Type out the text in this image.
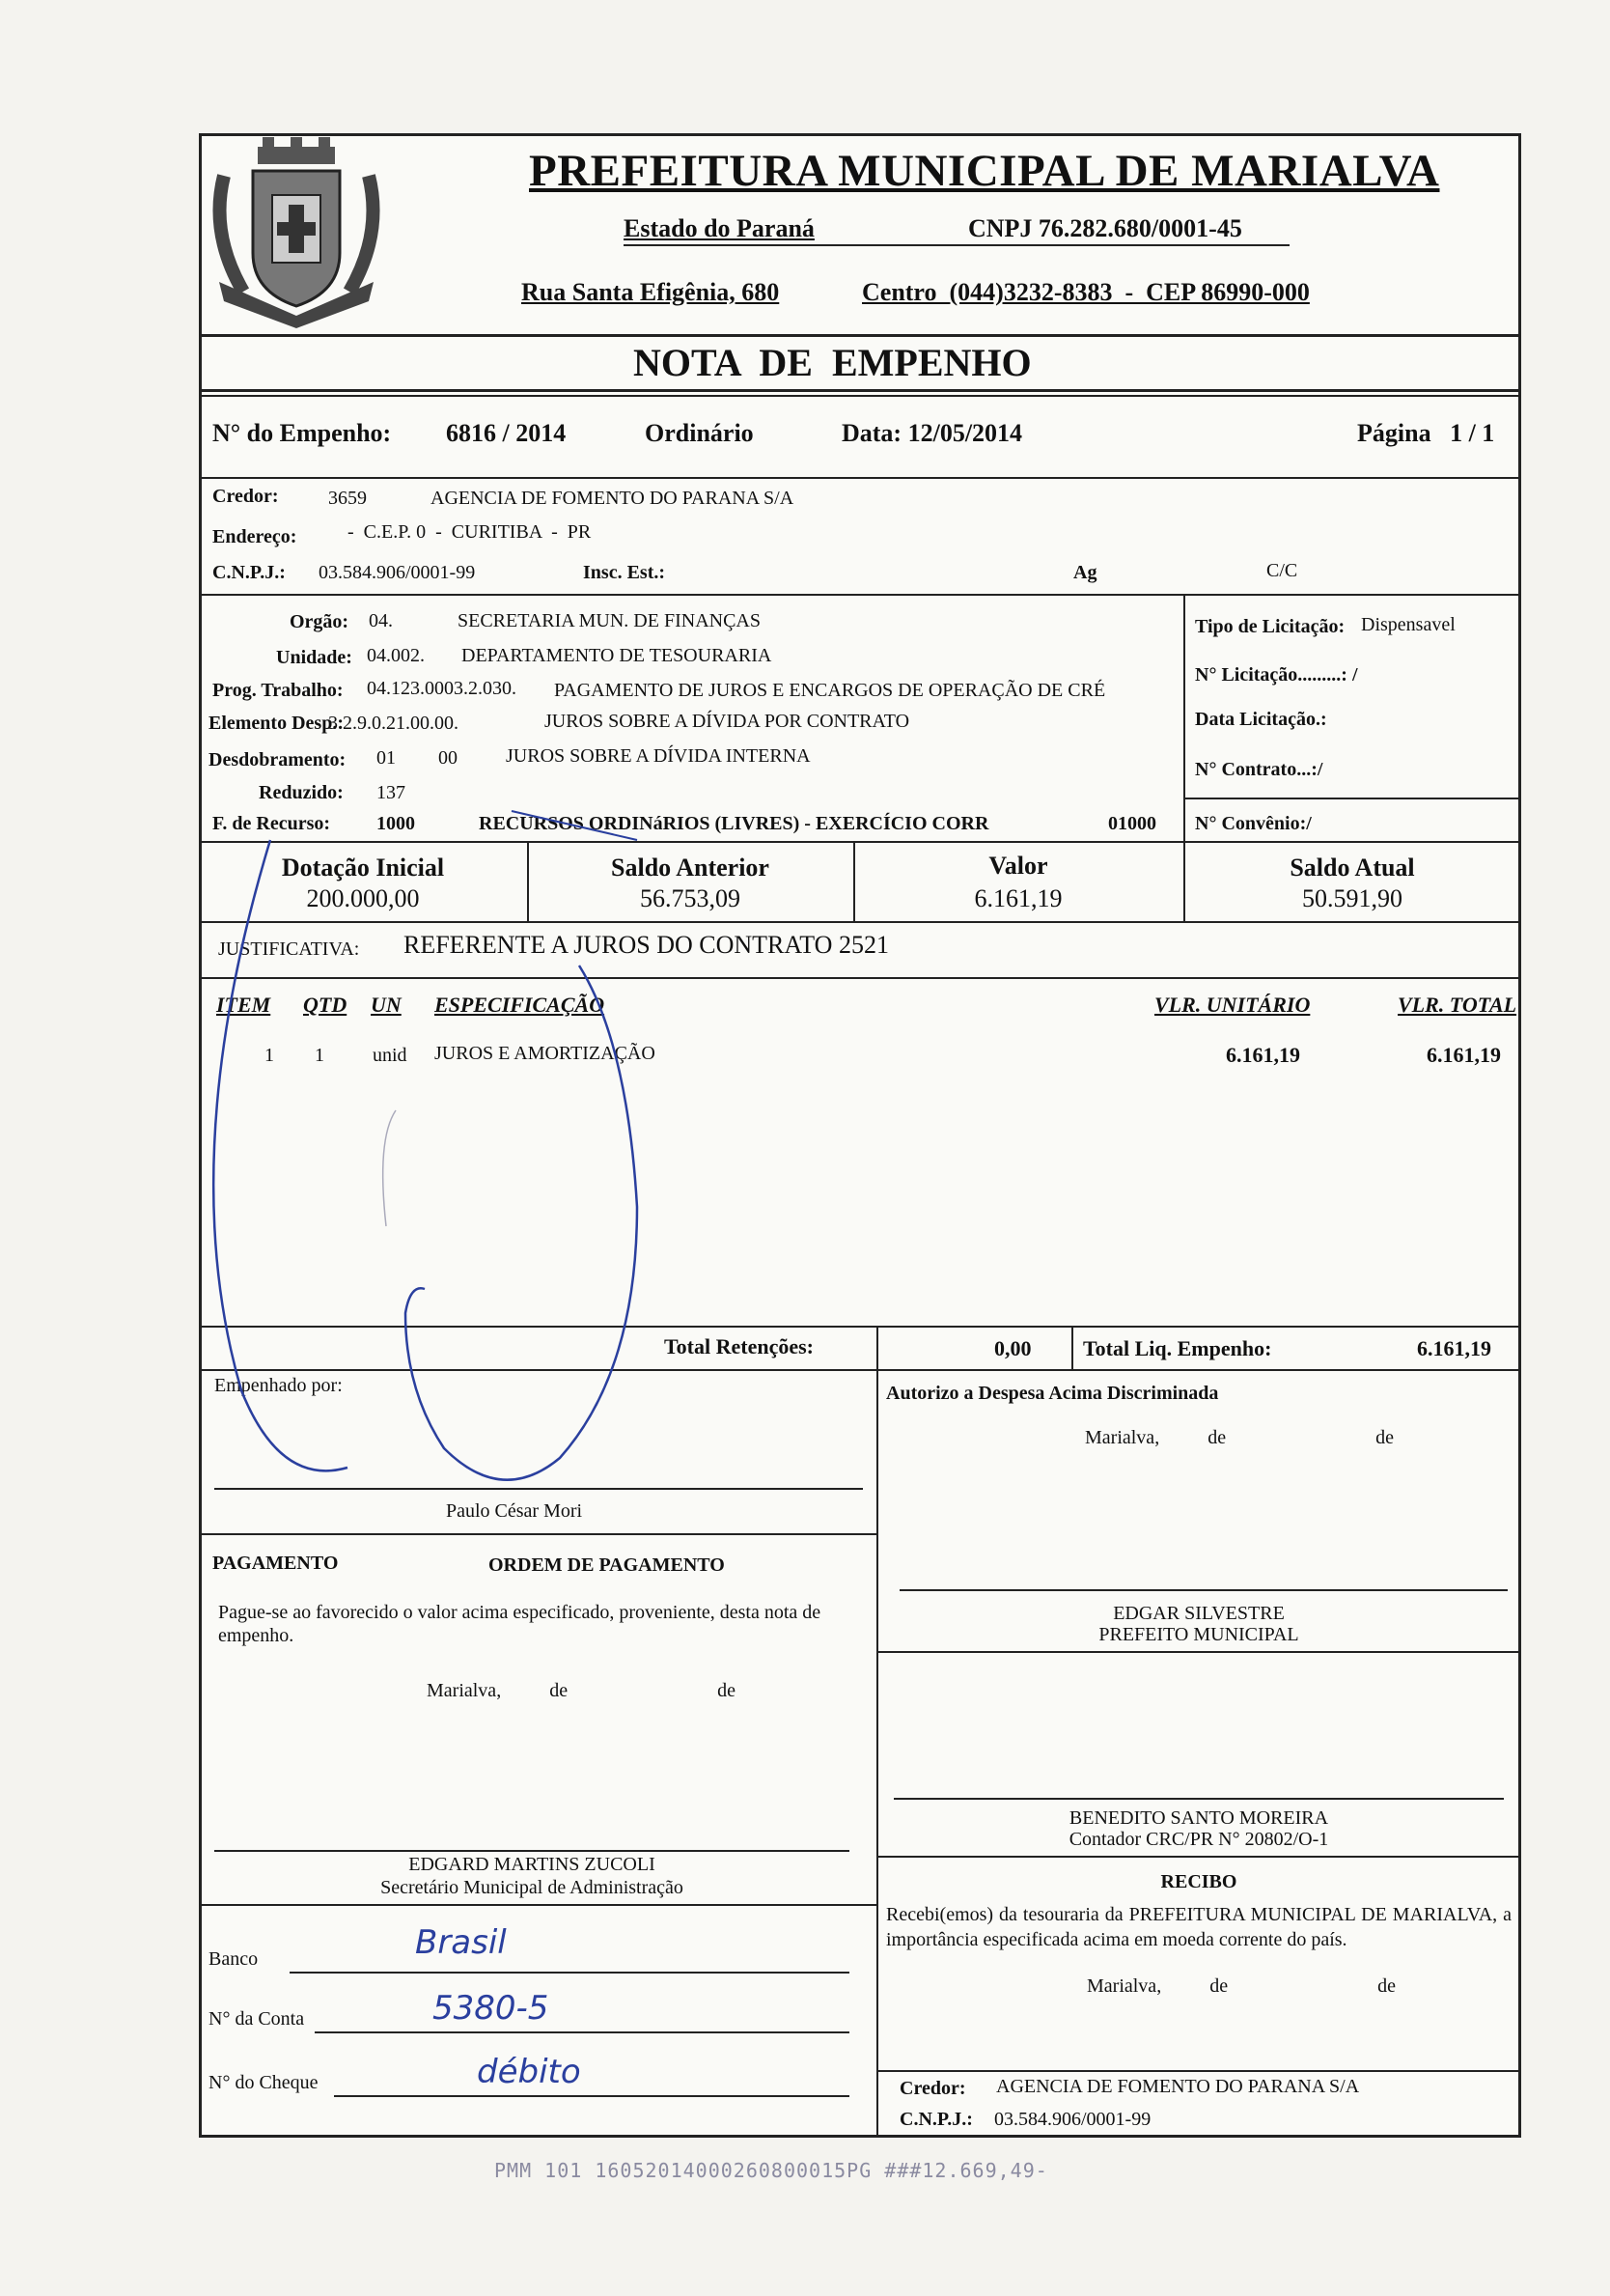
PREFEITURA MUNICIPAL DE MARIALVA
Estado do Paraná	CNPJ 76.282.680/0001-45
Rua Santa Efigênia, 680	Centro  (044)3232-8383  -  CEP 86990-000
NOTA  DE  EMPENHO
N° do Empenho: 6816 / 2014	Ordinário	Data: 12/05/2014	Página   1 / 1
Credor:	3659	AGENCIA DE FOMENTO DO PARANA S/A
Endereço:	-  C.E.P. 0  -  CURITIBA  -  PR
C.N.P.J.: 03.584.906/0001-99	Insc. Est.:	Ag	C/C
Orgão: 04.	SECRETARIA MUN. DE FINANÇAS
Unidade: 04.002. DEPARTAMENTO DE TESOURARIA
Prog. Trabalho: 04.123.0003.2.030. PAGAMENTO DE JUROS E ENCARGOS DE OPERAÇÃO DE CRÉ
Elemento Desp.:
3.2.9.0.21.00.00.	JUROS SOBRE A DÍVIDA POR CONTRATO
Desdobramento: 01 00	JUROS SOBRE A DÍVIDA INTERNA
Reduzido: 137
F. de Recurso: 1000	RECURSOS ORDINáRIOS (LIVRES) - EXERCÍCIO CORR	01000
Tipo de Licitação: Dispensavel
N° Licitação.........: /
Data Licitação.:
N° Contrato...:/
N° Convênio:/
Dotação Inicial
200.000,00
Saldo Anterior
56.753,09
Valor
6.161,19
Saldo Atual
50.591,90
JUSTIFICATIVA: REFERENTE A JUROS DO CONTRATO 2521
ITEM QTD UN ESPECIFICAÇÃO	VLR. UNITÁRIO	VLR. TOTAL
1 1	unid JUROS E AMORTIZAÇÃO	6.161,19	6.161,19
Total Retenções:	0,00 Total Liq. Empenho:	6.161,19
Empenhado por:
Paulo César Mori
Autorizo a Despesa Acima Discriminada
Marialva,          de                               de
PAGAMENTO	ORDEM DE PAGAMENTO
Pague-se ao favorecido o valor acima especificado, proveniente, desta nota de empenho.
Marialva,          de                               de
EDGAR SILVESTRE
PREFEITO MUNICIPAL
EDGARD MARTINS ZUCOLI
Secretário Municipal de Administração
BENEDITO SANTO MOREIRA
Contador CRC/PR N° 20802/O-1
RECIBO
Recebi(emos) da tesouraria da PREFEITURA MUNICIPAL DE MARIALVA, a importância especificada acima em moeda corrente do país.
Marialva,          de                               de
Credor: AGENCIA DE FOMENTO DO PARANA S/A
C.N.P.J.: 03.584.906/0001-99
Banco	Brasil
N° da Conta	5380-5
N° do Cheque	débito
PMM 101 16052014000260800015PG ###12.669,49-
